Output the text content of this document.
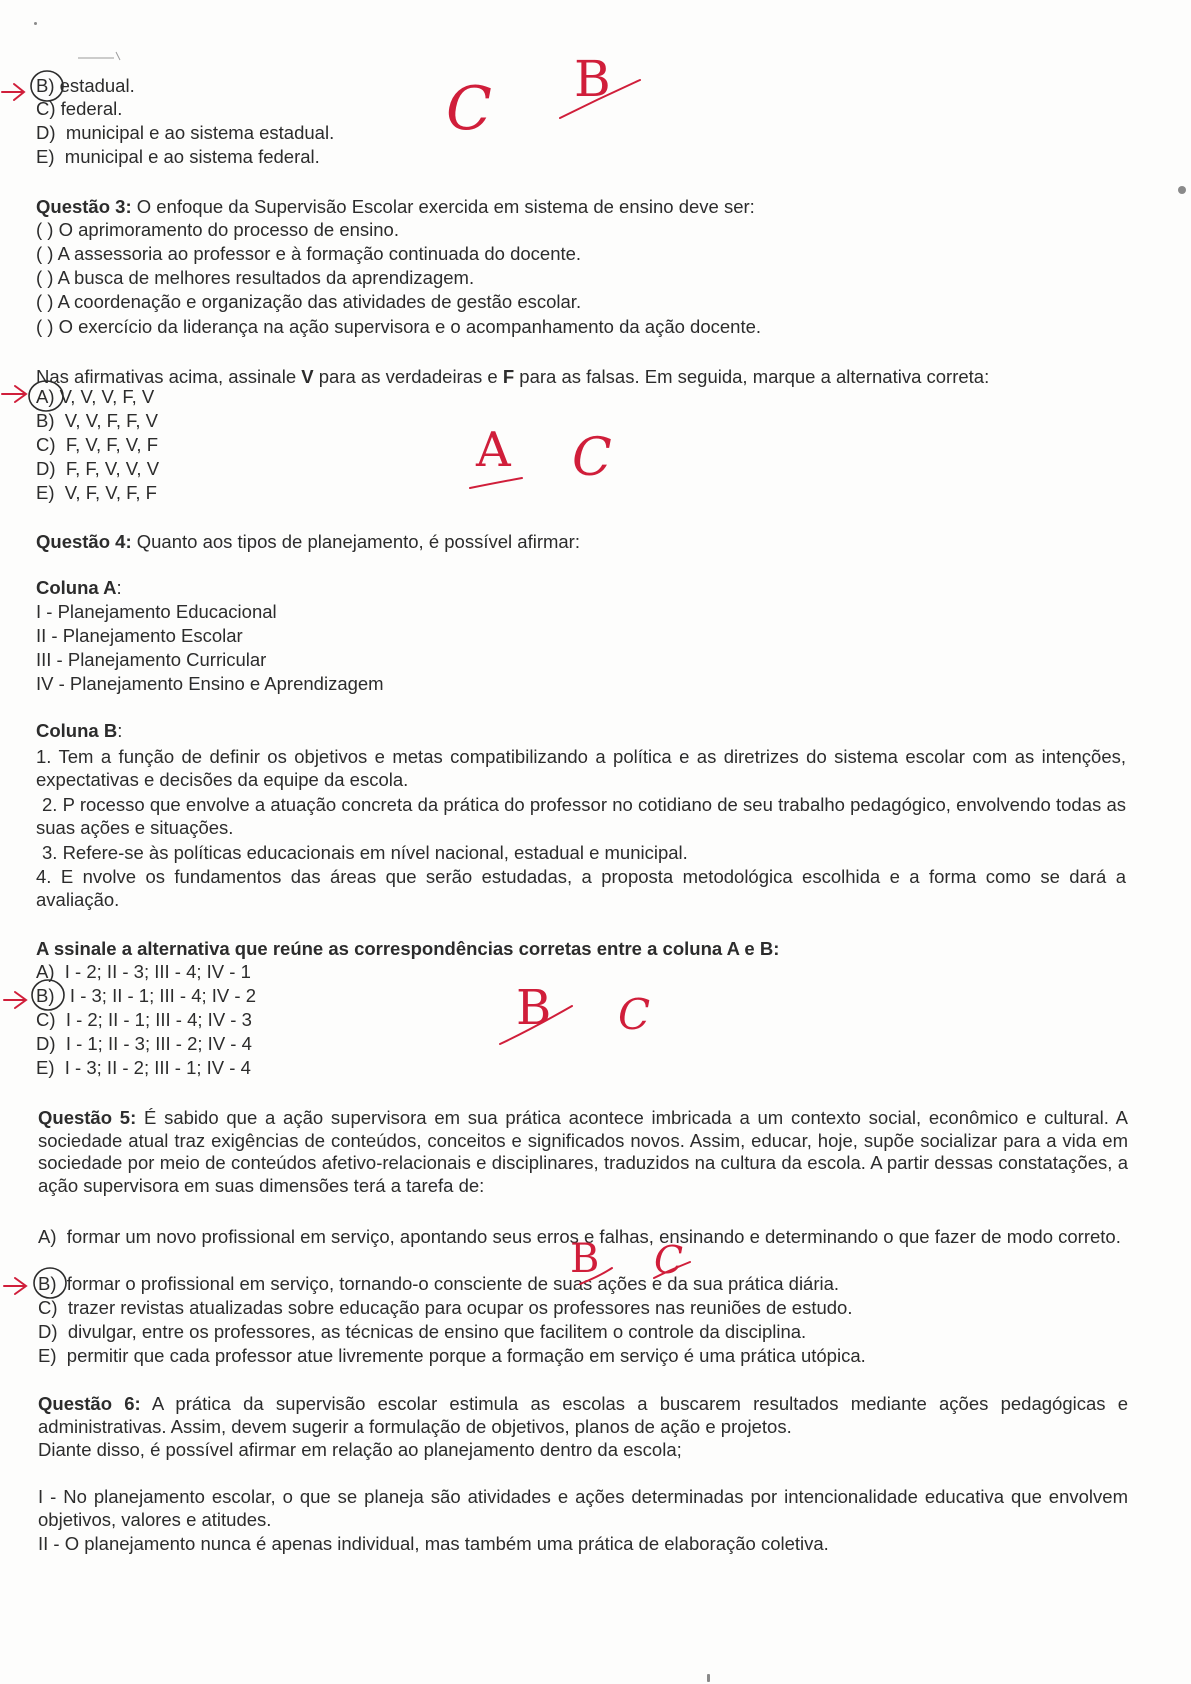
B) estadual.
C) federal.
D) municipal e ao sistema estadual.
E) municipal e ao sistema federal.
C B
Questão 3: O enfoque da Supervisão Escolar exercida em sistema de ensino deve ser:
( ) O aprimoramento do processo de ensino.
( ) A assessoria ao professor e à formação continuada do docente.
( ) A busca de melhores resultados da aprendizagem.
( ) A coordenação e organização das atividades de gestão escolar.
( ) O exercício da liderança na ação supervisora e o acompanhamento da ação docente.
Nas afirmativas acima, assinale V para as verdadeiras e F para as falsas. Em seguida, marque a alternativa correta:
A) V, V, V, F, V
B) V, V, F, F, V
C) F, V, F, V, F
D) F, F, V, V, V
E) V, F, V, F, F
A C
Questão 4: Quanto aos tipos de planejamento, é possível afirmar:
Coluna A:
I - Planejamento Educacional
II - Planejamento Escolar
III - Planejamento Curricular
IV - Planejamento Ensino e Aprendizagem
Coluna B:
1. Tem a função de definir os objetivos e metas compatibilizando a política e as diretrizes do sistema escolar com as intenções, expectativas e decisões da equipe da escola.
2. P rocesso que envolve a atuação concreta da prática do professor no cotidiano de seu trabalho pedagógico, envolvendo todas as suas ações e situações.
3. Refere-se às políticas educacionais em nível nacional, estadual e municipal.
4. E nvolve os fundamentos das áreas que serão estudadas, a proposta metodológica escolhida e a forma como se dará a avaliação.
A ssinale a alternativa que reúne as correspondências corretas entre a coluna A e B:
A) I - 2; II - 3; III - 4; IV - 1
B) I - 3; II - 1; III - 4; IV - 2
C) I - 2; II - 1; III - 4; IV - 3
D) I - 1; II - 3; III - 2; IV - 4
E) I - 3; II - 2; III - 1; IV - 4
B C
Questão 5: É sabido que a ação supervisora em sua prática acontece imbricada a um contexto social, econômico e cultural. A sociedade atual traz exigências de conteúdos, conceitos e significados novos. Assim, educar, hoje, supõe socializar para a vida em sociedade por meio de conteúdos afetivo-relacionais e disciplinares, traduzidos na cultura da escola. A partir dessas constatações, a ação supervisora em suas dimensões terá a tarefa de:
A) formar um novo profissional em serviço, apontando seus erros e falhas, ensinando e determinando o que fazer de modo correto.
B) formar o profissional em serviço, tornando-o consciente de suas ações e da sua prática diária.
C) trazer revistas atualizadas sobre educação para ocupar os professores nas reuniões de estudo.
D) divulgar, entre os professores, as técnicas de ensino que facilitem o controle da disciplina.
E) permitir que cada professor atue livremente porque a formação em serviço é uma prática utópica.
B C
Questão 6: A prática da supervisão escolar estimula as escolas a buscarem resultados mediante ações pedagógicas e administrativas. Assim, devem sugerir a formulação de objetivos, planos de ação e projetos.
Diante disso, é possível afirmar em relação ao planejamento dentro da escola;
I - No planejamento escolar, o que se planeja são atividades e ações determinadas por intencionalidade educativa que envolvem objetivos, valores e atitudes.
II - O planejamento nunca é apenas individual, mas também uma prática de elaboração coletiva.
